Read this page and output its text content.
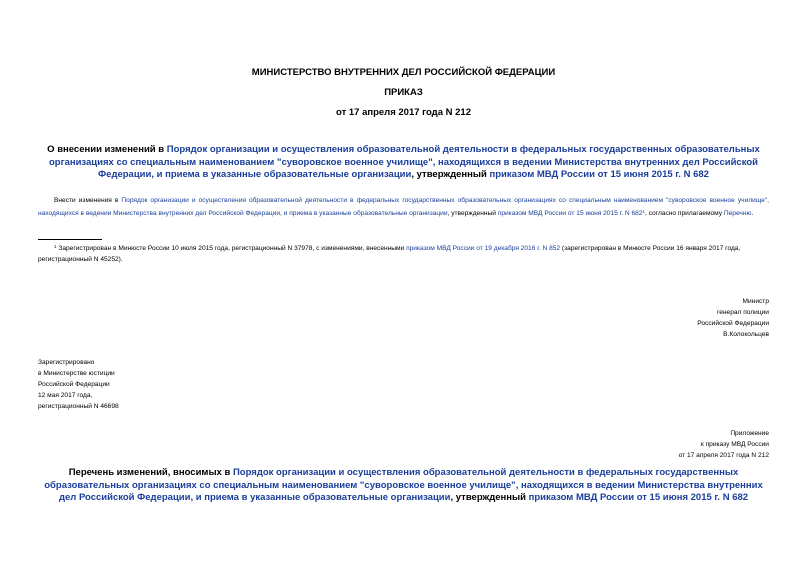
МИНИСТЕРСТВО ВНУТРЕННИХ ДЕЛ РОССИЙСКОЙ ФЕДЕРАЦИИ
ПРИКАЗ
от 17 апреля 2017 года N 212
О внесении изменений в Порядок организации и осуществления образовательной деятельности в федеральных государственных образовательных организациях со специальным наименованием "суворовское военное училище", находящихся в ведении Министерства внутренних дел Российской Федерации, и приема в указанные образовательные организации, утвержденный приказом МВД России от 15 июня 2015 г. N 682
Внести изменения в Порядок организации и осуществления образовательной деятельности в федеральных государственных образовательных организациях со специальным наименованием "суворовское военное училище", находящихся в ведении Министерства внутренних дел Российской Федерации, и приема в указанные образовательные организации, утвержденный приказом МВД России от 15 июня 2015 г. N 682$^1$, согласно прилагаемому Перечню.
$^1$ Зарегистрирован в Минюсте России 10 июля 2015 года, регистрационный N 37978, с изменениями, внесенными приказом МВД России от 19 декабря 2016 г. N 852 (зарегистрирован в Минюсте России 16 января 2017 года, регистрационный N 45252).
Министр
генерал полиции
Российской Федерации
В.Колокольцев
Зарегистрировано
в Министерстве юстиции
Российской Федерации
12 мая 2017 года,
регистрационный N 46698
Приложение
к приказу МВД России
от 17 апреля 2017 года N 212
Перечень изменений, вносимых в Порядок организации и осуществления образовательной деятельности в федеральных государственных образовательных организациях со специальным наименованием "суворовское военное училище", находящихся в ведении Министерства внутренних дел Российской Федерации, и приема в указанные образовательные организации, утвержденный приказом МВД России от 15 июня 2015 г. N 682
